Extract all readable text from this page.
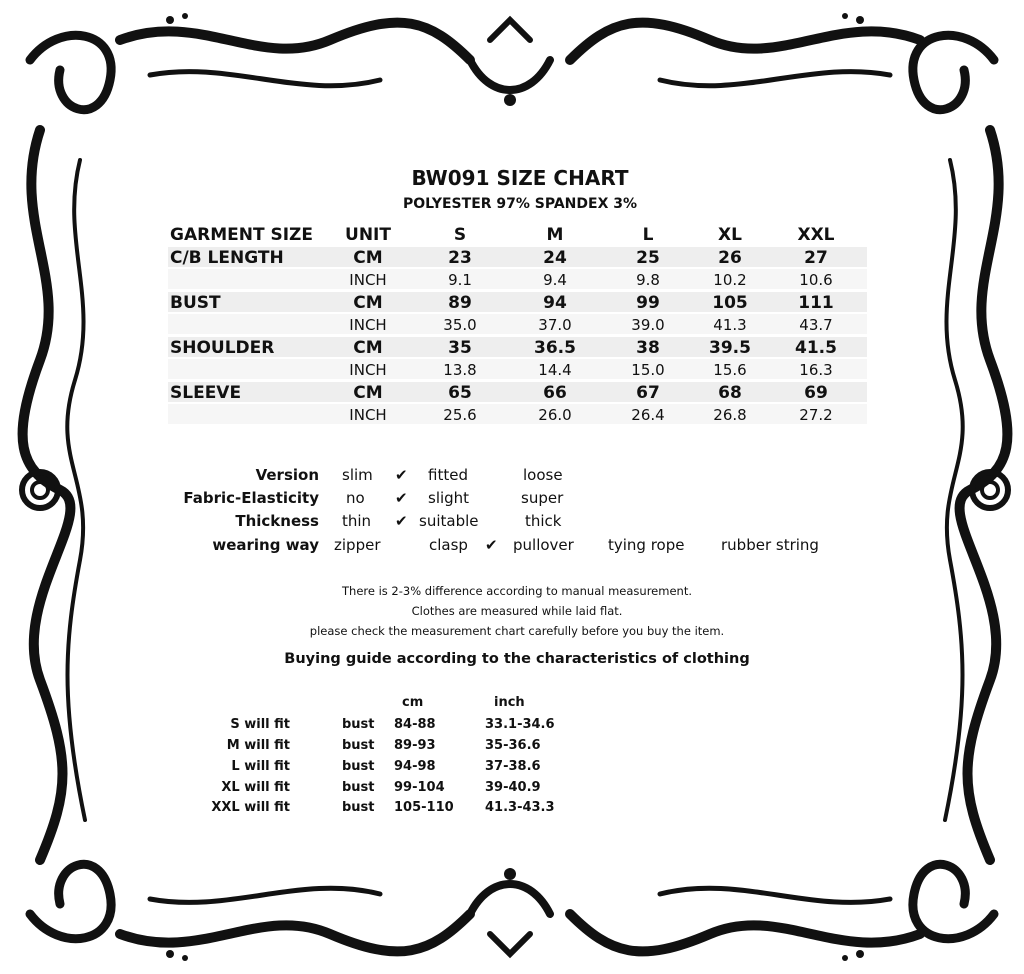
BW091 SIZE CHART
POLYESTER 97% SPANDEX 3%
GARMENT SIZE	UNIT	S	M	L	XL	XXL
C/B LENGTH	CM	23	24	25	26	27
INCH	9.1	9.4	9.8	10.2	10.6
BUST	CM	89	94	99	105	111
INCH	35.0	37.0	39.0	41.3	43.7
SHOULDER	CM	35	36.5	38	39.5	41.5
INCH	13.8	14.4	15.0	15.6	16.3
SLEEVE	CM	65	66	67	68	69
INCH	25.6	26.0	26.4	26.8	27.2
Version slim ✔ fitted	loose
Fabric-Elasticity no ✔ slight	super
Thickness thin ✔ suitable	thick
wearing way zipper	clasp ✔ pullover tying rope rubber string
There is 2-3% difference according to manual measurement.
Clothes are measured while laid flat.
please check the measurement chart carefully before you buy the item.
Buying guide according to the characteristics of clothing
cm	inch
S will fit	bust 84-88	33.1-34.6
M will fit	bust 89-93	35-36.6
L will fit	bust 94-98	37-38.6
XL will fit	bust 99-104	39-40.9
XXL will fit	bust 105-110 41.3-43.3
